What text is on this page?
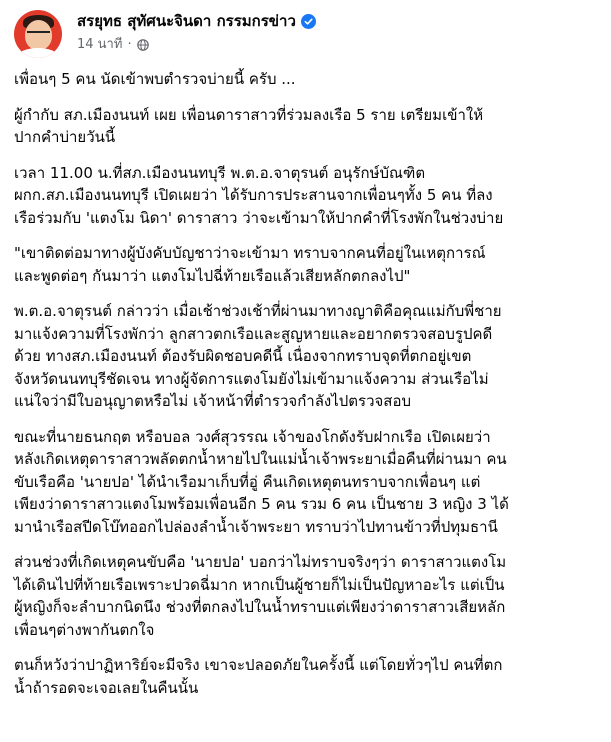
สรยุทธ สุทัศนะจินดา กรรมกรข่าว
14 นาที ·

เพื่อนๆ 5 คน นัดเข้าพบตำรวจบ่ายนี้ ครับ ...

ผู้กำกับ สภ.เมืองนนท์ เผย เพื่อนดาราสาวที่ร่วมลงเรือ 5 ราย เตรียมเข้าให้
ปากคำบ่ายวันนี้

เวลา 11.00 น.ที่สภ.เมืองนนทบุรี พ.ต.อ.จาตุรนต์ อนุรักษ์บัณฑิต
ผกก.สภ.เมืองนนทบุรี เปิดเผยว่า ได้รับการประสานจากเพื่อนๆทั้ง 5 คน ที่ลง
เรือร่วมกับ 'แตงโม นิดา' ดาราสาว ว่าจะเข้ามาให้ปากคำที่โรงพักในช่วงบ่าย

"เขาติดต่อมาทางผู้บังคับบัญชาว่าจะเข้ามา ทราบจากคนที่อยู่ในเหตุการณ์
และพูดต่อๆ กันมาว่า แตงโมไปฉี่ท้ายเรือแล้วเสียหลักตกลงไป"

พ.ต.อ.จาตุรนต์ กล่าวว่า เมื่อเช้าช่วงเช้าที่ผ่านมาทางญาติคือคุณแม่กับพี่ชาย
มาแจ้งความที่โรงพักว่า ลูกสาวตกเรือและสูญหายและอยากตรวจสอบรูปคดี
ด้วย ทางสภ.เมืองนนท์ ต้องรับผิดชอบคดีนี้ เนื่องจากทราบจุดที่ตกอยู่เขต
จังหวัดนนทบุรีชัดเจน ทางผู้จัดการแตงโมยังไม่เข้ามาแจ้งความ ส่วนเรือไม่
แน่ใจว่ามีใบอนุญาตหรือไม่ เจ้าหน้าที่ตำรวจกำลังไปตรวจสอบ

ขณะที่นายธนกฤต หรือบอล วงศ์สุวรรณ เจ้าของโกดังรับฝากเรือ เปิดเผยว่า
หลังเกิดเหตุดาราสาวพลัดตกน้ำหายไปในแม่น้ำเจ้าพระยาเมื่อคืนที่ผ่านมา คน
ขับเรือคือ 'นายปอ' ได้นำเรือมาเก็บที่อู่ คืนเกิดเหตุตนทราบจากเพื่อนๆ แต่
เพียงว่าดาราสาวแตงโมพร้อมเพื่อนอีก 5 คน รวม 6 คน เป็นชาย 3 หญิง 3 ได้
มานำเรือสปีดโบ๊ทออกไปล่องลำน้ำเจ้าพระยา ทราบว่าไปทานข้าวที่ปทุมธานี

ส่วนช่วงที่เกิดเหตุคนขับคือ 'นายปอ' บอกว่าไม่ทราบจริงๆว่า ดาราสาวแตงโม
ได้เดินไปที่ท้ายเรือเพราะปวดฉี่มาก หากเป็นผู้ชายก็ไม่เป็นปัญหาอะไร แต่เป็น
ผู้หญิงก็จะลำบากนิดนึง ช่วงที่ตกลงไปในน้ำทราบแต่เพียงว่าดาราสาวเสียหลัก
เพื่อนๆต่างพากันตกใจ

ตนก็หวังว่าปาฏิหาริย์จะมีจริง เขาจะปลอดภัยในครั้งนี้ แต่โดยทั่วๆไป คนที่ตก
น้ำถ้ารอดจะเจอเลยในคืนนั้น
